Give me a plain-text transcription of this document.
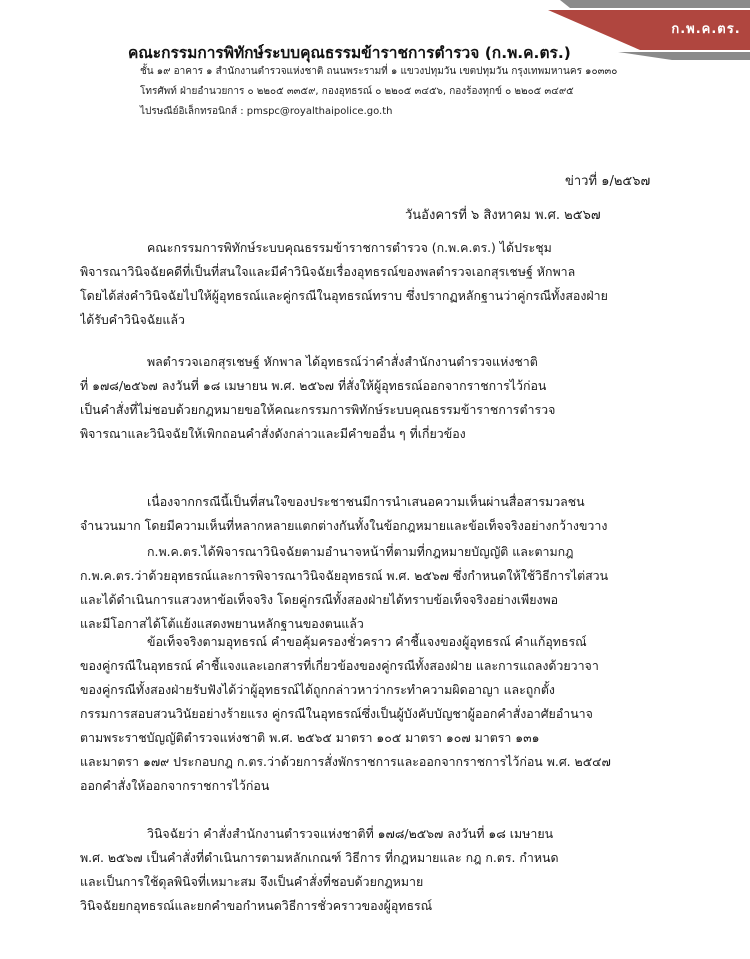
ก.พ.ค.ตร.
คณะกรรมการพิทักษ์ระบบคุณธรรมข้าราชการตำรวจ (ก.พ.ค.ตร.)
ชั้น ๑๙ อาคาร ๑ สำนักงานตำรวจแห่งชาติ ถนนพระรามที่ ๑ แขวงปทุมวัน เขตปทุมวัน กรุงเทพมหานคร ๑๐๓๓๐
โทรศัพท์ ฝ่ายอำนวยการ ๐ ๒๒๐๕ ๓๓๕๙, กองอุทธรณ์ ๐ ๒๒๐๕ ๓๔๕๖, กองร้องทุกข์ ๐ ๒๒๐๕ ๓๔๙๕
ไปรษณีย์อิเล็กทรอนิกส์ : pmspc@royalthaipolice.go.th
ข่าวที่ ๑/๒๕๖๗
วันอังคารที่ ๖ สิงหาคม พ.ศ. ๒๕๖๗
คณะกรรมการพิทักษ์ระบบคุณธรรมข้าราชการตำรวจ (ก.พ.ค.ตร.) ได้ประชุม
พิจารณาวินิจฉัยคดีที่เป็นที่สนใจและมีคำวินิจฉัยเรื่องอุทธรณ์ของพลตำรวจเอกสุรเชษฐ์ หักพาล
โดยได้ส่งคำวินิจฉัยไปให้ผู้อุทธรณ์และคู่กรณีในอุทธรณ์ทราบ ซึ่งปรากฏหลักฐานว่าคู่กรณีทั้งสองฝ่าย
ได้รับคำวินิจฉัยแล้ว
พลตำรวจเอกสุรเชษฐ์ หักพาล ได้อุทธรณ์ว่าคำสั่งสำนักงานตำรวจแห่งชาติ
ที่ ๑๗๘/๒๕๖๗ ลงวันที่ ๑๘ เมษายน พ.ศ. ๒๕๖๗ ที่สั่งให้ผู้อุทธรณ์ออกจากราชการไว้ก่อน
เป็นคำสั่งที่ไม่ชอบด้วยกฎหมายขอให้คณะกรรมการพิทักษ์ระบบคุณธรรมข้าราชการตำรวจ
พิจารณาและวินิจฉัยให้เพิกถอนคำสั่งดังกล่าวและมีคำขออื่น ๆ ที่เกี่ยวข้อง
เนื่องจากกรณีนี้เป็นที่สนใจของประชาชนมีการนำเสนอความเห็นผ่านสื่อสารมวลชน
จำนวนมาก โดยมีความเห็นที่หลากหลายแตกต่างกันทั้งในข้อกฎหมายและข้อเท็จจริงอย่างกว้างขวาง
ก.พ.ค.ตร.ได้พิจารณาวินิจฉัยตามอำนาจหน้าที่ตามที่กฎหมายบัญญัติ และตามกฎ
ก.พ.ค.ตร.ว่าด้วยอุทธรณ์และการพิจารณาวินิจฉัยอุทธรณ์ พ.ศ. ๒๕๖๗ ซึ่งกำหนดให้ใช้วิธีการไต่สวน
และได้ดำเนินการแสวงหาข้อเท็จจริง โดยคู่กรณีทั้งสองฝ่ายได้ทราบข้อเท็จจริงอย่างเพียงพอ
และมีโอกาสได้โต้แย้งแสดงพยานหลักฐานของตนแล้ว
ข้อเท็จจริงตามอุทธรณ์ คำขอคุ้มครองชั่วคราว คำชี้แจงของผู้อุทธรณ์ คำแก้อุทธรณ์
ของคู่กรณีในอุทธรณ์ คำชี้แจงและเอกสารที่เกี่ยวข้องของคู่กรณีทั้งสองฝ่าย และการแถลงด้วยวาจา
ของคู่กรณีทั้งสองฝ่ายรับฟังได้ว่าผู้อุทธรณ์ได้ถูกกล่าวหาว่ากระทำความผิดอาญา และถูกตั้ง
กรรมการสอบสวนวินัยอย่างร้ายแรง คู่กรณีในอุทธรณ์ซึ่งเป็นผู้บังคับบัญชาผู้ออกคำสั่งอาศัยอำนาจ
ตามพระราชบัญญัติตำรวจแห่งชาติ พ.ศ. ๒๕๖๕ มาตรา ๑๐๕ มาตรา ๑๐๗ มาตรา ๑๓๑
และมาตรา ๑๗๙ ประกอบกฎ ก.ตร.ว่าด้วยการสั่งพักราชการและออกจากราชการไว้ก่อน พ.ศ. ๒๕๔๗
ออกคำสั่งให้ออกจากราชการไว้ก่อน
วินิจฉัยว่า คำสั่งสำนักงานตำรวจแห่งชาติที่ ๑๗๘/๒๕๖๗ ลงวันที่ ๑๘ เมษายน
พ.ศ. ๒๕๖๗ เป็นคำสั่งที่ดำเนินการตามหลักเกณฑ์ วิธีการ ที่กฎหมายและ กฎ ก.ตร. กำหนด
และเป็นการใช้ดุลพินิจที่เหมาะสม จึงเป็นคำสั่งที่ชอบด้วยกฎหมาย
วินิจฉัยยกอุทธรณ์และยกคำขอกำหนดวิธีการชั่วคราวของผู้อุทธรณ์
